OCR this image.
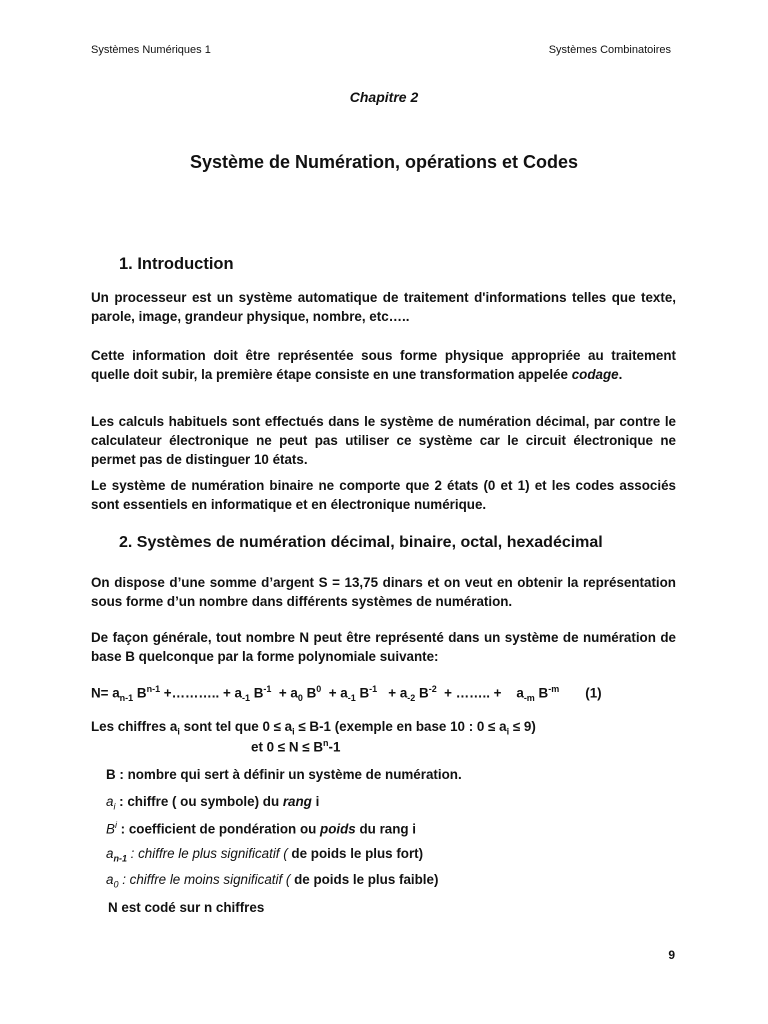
Systèmes Numériques 1	Systèmes Combinatoires
Chapitre 2
Système de Numération, opérations et Codes
1. Introduction

Un processeur est un système automatique de traitement d'informations telles que texte, parole, image, grandeur physique, nombre, etc…..

Cette information doit être représentée sous forme physique appropriée au traitement quelle doit subir, la première étape consiste en une transformation appelée codage.

Les calculs habituels sont effectués dans le système de numération décimal, par contre le calculateur électronique ne peut pas utiliser ce système car le circuit électronique ne permet pas de distinguer 10 états.

Le système de numération binaire ne comporte que 2 états (0 et 1) et les codes associés sont essentiels en informatique et en électronique numérique.

2. Systèmes de numération décimal, binaire, octal, hexadécimal

On dispose d’une somme d’argent S = 13,75 dinars et on veut en obtenir la représentation sous forme d’un nombre dans différents systèmes de numération.

De façon générale, tout nombre N peut être représenté dans un système de numération de base B quelconque par la forme polynomiale suivante:

$N= a_{n-1}$ $B^{n-1}$ +……….. + $a_{-1}$ $B^{-1} + a_0$ $B^0 + a_{-1}$ $B^{-1} + a_{-2}$ $B^{-2}$  + …….. +    $a_{-m}$ $B^{-m}$       (1)
Les chiffres $a_i$ sont tel que $0 \le a_i \le B-1$ (exemple en base 10 : $0 \le a_i \le 9$)
et $0 \le N \le B^n-1$
B : nombre qui sert à définir un système de numération.
$a_i$ : chiffre ( ou symbole) du rang i
$B^i$ : coefficient de pondération ou poids du rang i
$a_{n-1}$ : chiffre le plus significatif ( de poids le plus fort)
$a_0$ : chiffre le moins significatif ( de poids le plus faible)
N est codé sur n chiffres
9
